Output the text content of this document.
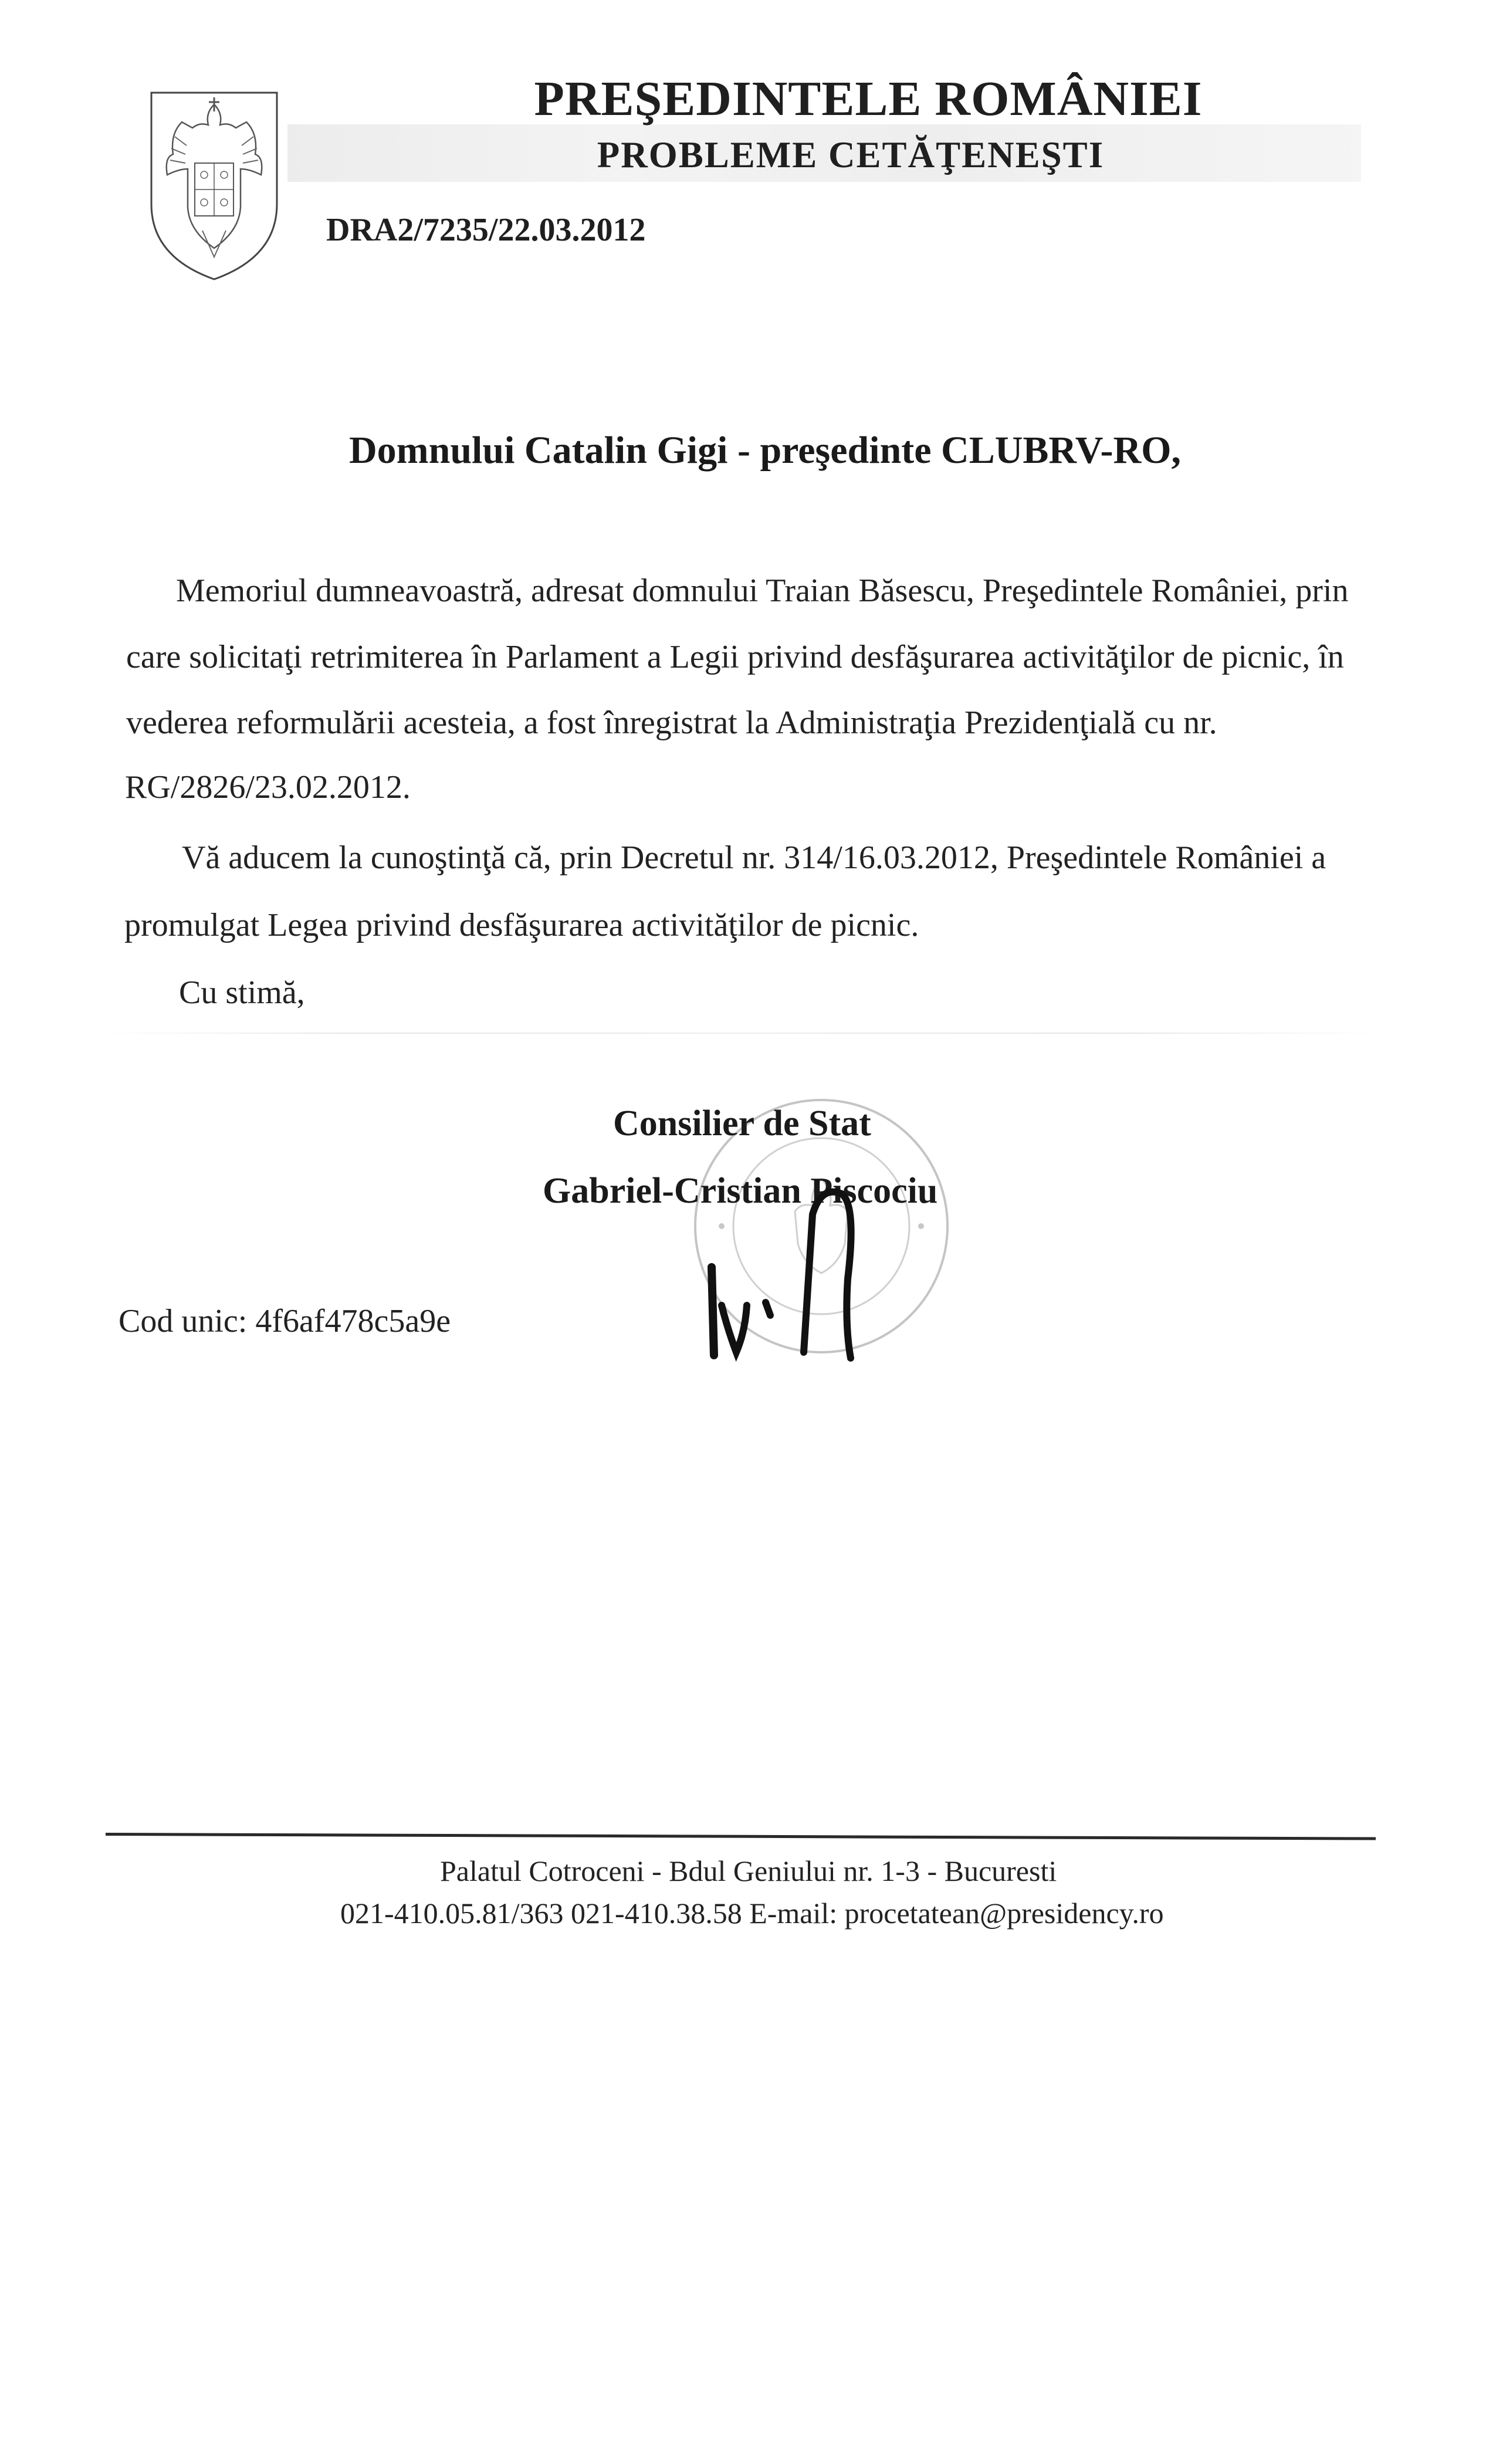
PREŞEDINTELE ROMÂNIEI
PROBLEME CETĂŢENEŞTI
DRA2/7235/22.03.2012
Domnului Catalin Gigi - preşedinte CLUBRV-RO,
Memoriul dumneavoastră, adresat domnului Traian Băsescu, Preşedintele României, prin
care solicitaţi retrimiterea în Parlament a Legii privind desfăşurarea activităţilor de picnic, în
vederea reformulării acesteia, a fost înregistrat la Administraţia Prezidenţială cu nr.
RG/2826/23.02.2012.
Vă aducem la cunoştinţă că, prin Decretul nr. 314/16.03.2012, Preşedintele României a
promulgat Legea privind desfăşurarea activităţilor de picnic.
Cu stimă,
Consilier de Stat
Gabriel-Cristian Piscociu
Cod unic: 4f6af478c5a9e
Palatul Cotroceni - Bdul Geniului nr. 1-3 - Bucuresti
021-410.05.81/363 021-410.38.58 E-mail: procetatean@presidency.ro
